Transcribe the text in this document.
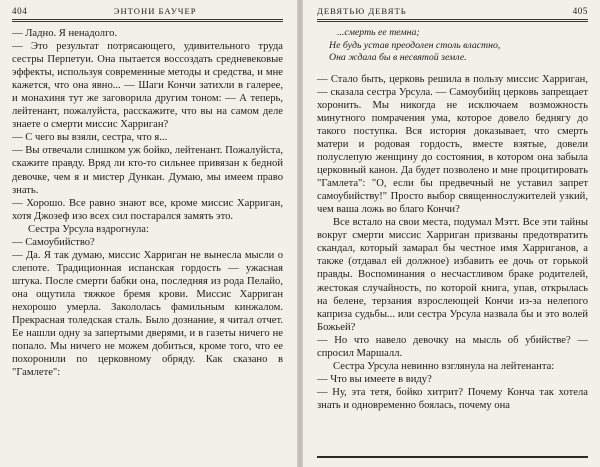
404	ЭНТОНИ БАУЧЕР

— Ладно. Я ненадолго.

— Это результат потрясающего, удивительного труда сестры Перпетуи. Она пытается воссоздать средневековые эффекты, используя современные методы и средства, и мне кажется, что она явно... — Шаги Кончи затихли в галерее, и монахиня тут же заговорила другим тоном: — А теперь, лейтенант, пожалуйста, расскажите, что вы на самом деле знаете о смерти миссис Харриган?

— С чего вы взяли, сестра, что я...

— Вы отвечали слишком уж бойко, лейтенант. Пожалуйста, скажите правду. Вряд ли кто-то сильнее привязан к бедной девочке, чем я и мистер Дункан. Думаю, мы имеем право знать.

— Хорошо. Все равно знают все, кроме миссис Харриган, хотя Джозеф изо всех сил постарался замять это.

Сестра Урсула вздрогнула:

— Самоубийство?

— Да. Я так думаю, миссис Харриган не вынесла мысли о слепоте. Традиционная испанская гордость — ужасная штука. После смерти бабки она, последняя из рода Пелайо, она ощутила тяжкое бремя крови. Миссис Харриган нехорошо умерла. Закололась фамильным кинжалом. Прекрасная толедская сталь. Было дознание, я читал отчет. Ее нашли одну за запертыми дверями, и в газеты ничего не попало. Мы ничего не можем добиться, кроме того, что ее похоронили по церковному обряду. Как сказано в "Гамлете":

ДЕВЯТЬЮ ДЕВЯТЬ	405

...смерть ее темна;

Не будь устав преодолен столь властно,

Она ждала бы в несвятой земле.

— Стало быть, церковь решила в пользу миссис Харриган, — сказала сестра Урсула. — Самоубийц церковь запрещает хоронить. Мы никогда не исключаем возможность минутного помрачения ума, которое довело беднягу до такого поступка. Вся история доказывает, что смерть матери и родовая гордость, вместе взятые, довели полуслепую женщину до состояния, в котором она забыла церковный канон. Да будет позволено и мне процитировать "Гамлета": "О, если бы предвечный не уставил запрет самоубийству!" Просто выбор священнослужителей узкий, чем ваша ложь во благо Кончи?

Все встало на свои места, подумал Мэтт. Все эти тайны вокруг смерти миссис Харриган призваны предотвратить скандал, который замарал бы честное имя Харриганов, а также (отдавал ей должное) избавить ее дочь от горькой правды. Воспоминания о несчастливом браке родителей, жестокая случайность, по которой книга, упав, открылась на белене, терзания взрослеющей Кончи из-за нелепого каприза судьбы... или сестра Урсула назвала бы и это волей Божьей?

— Но что навело девочку на мысль об убийстве? — спросил Маршалл.

Сестра Урсула невинно взглянула на лейтенанта:

— Что вы имеете в виду?

— Ну, эта тетя, бойко хитрит? Почему Конча так хотела знать и одновременно боялась, почему она
